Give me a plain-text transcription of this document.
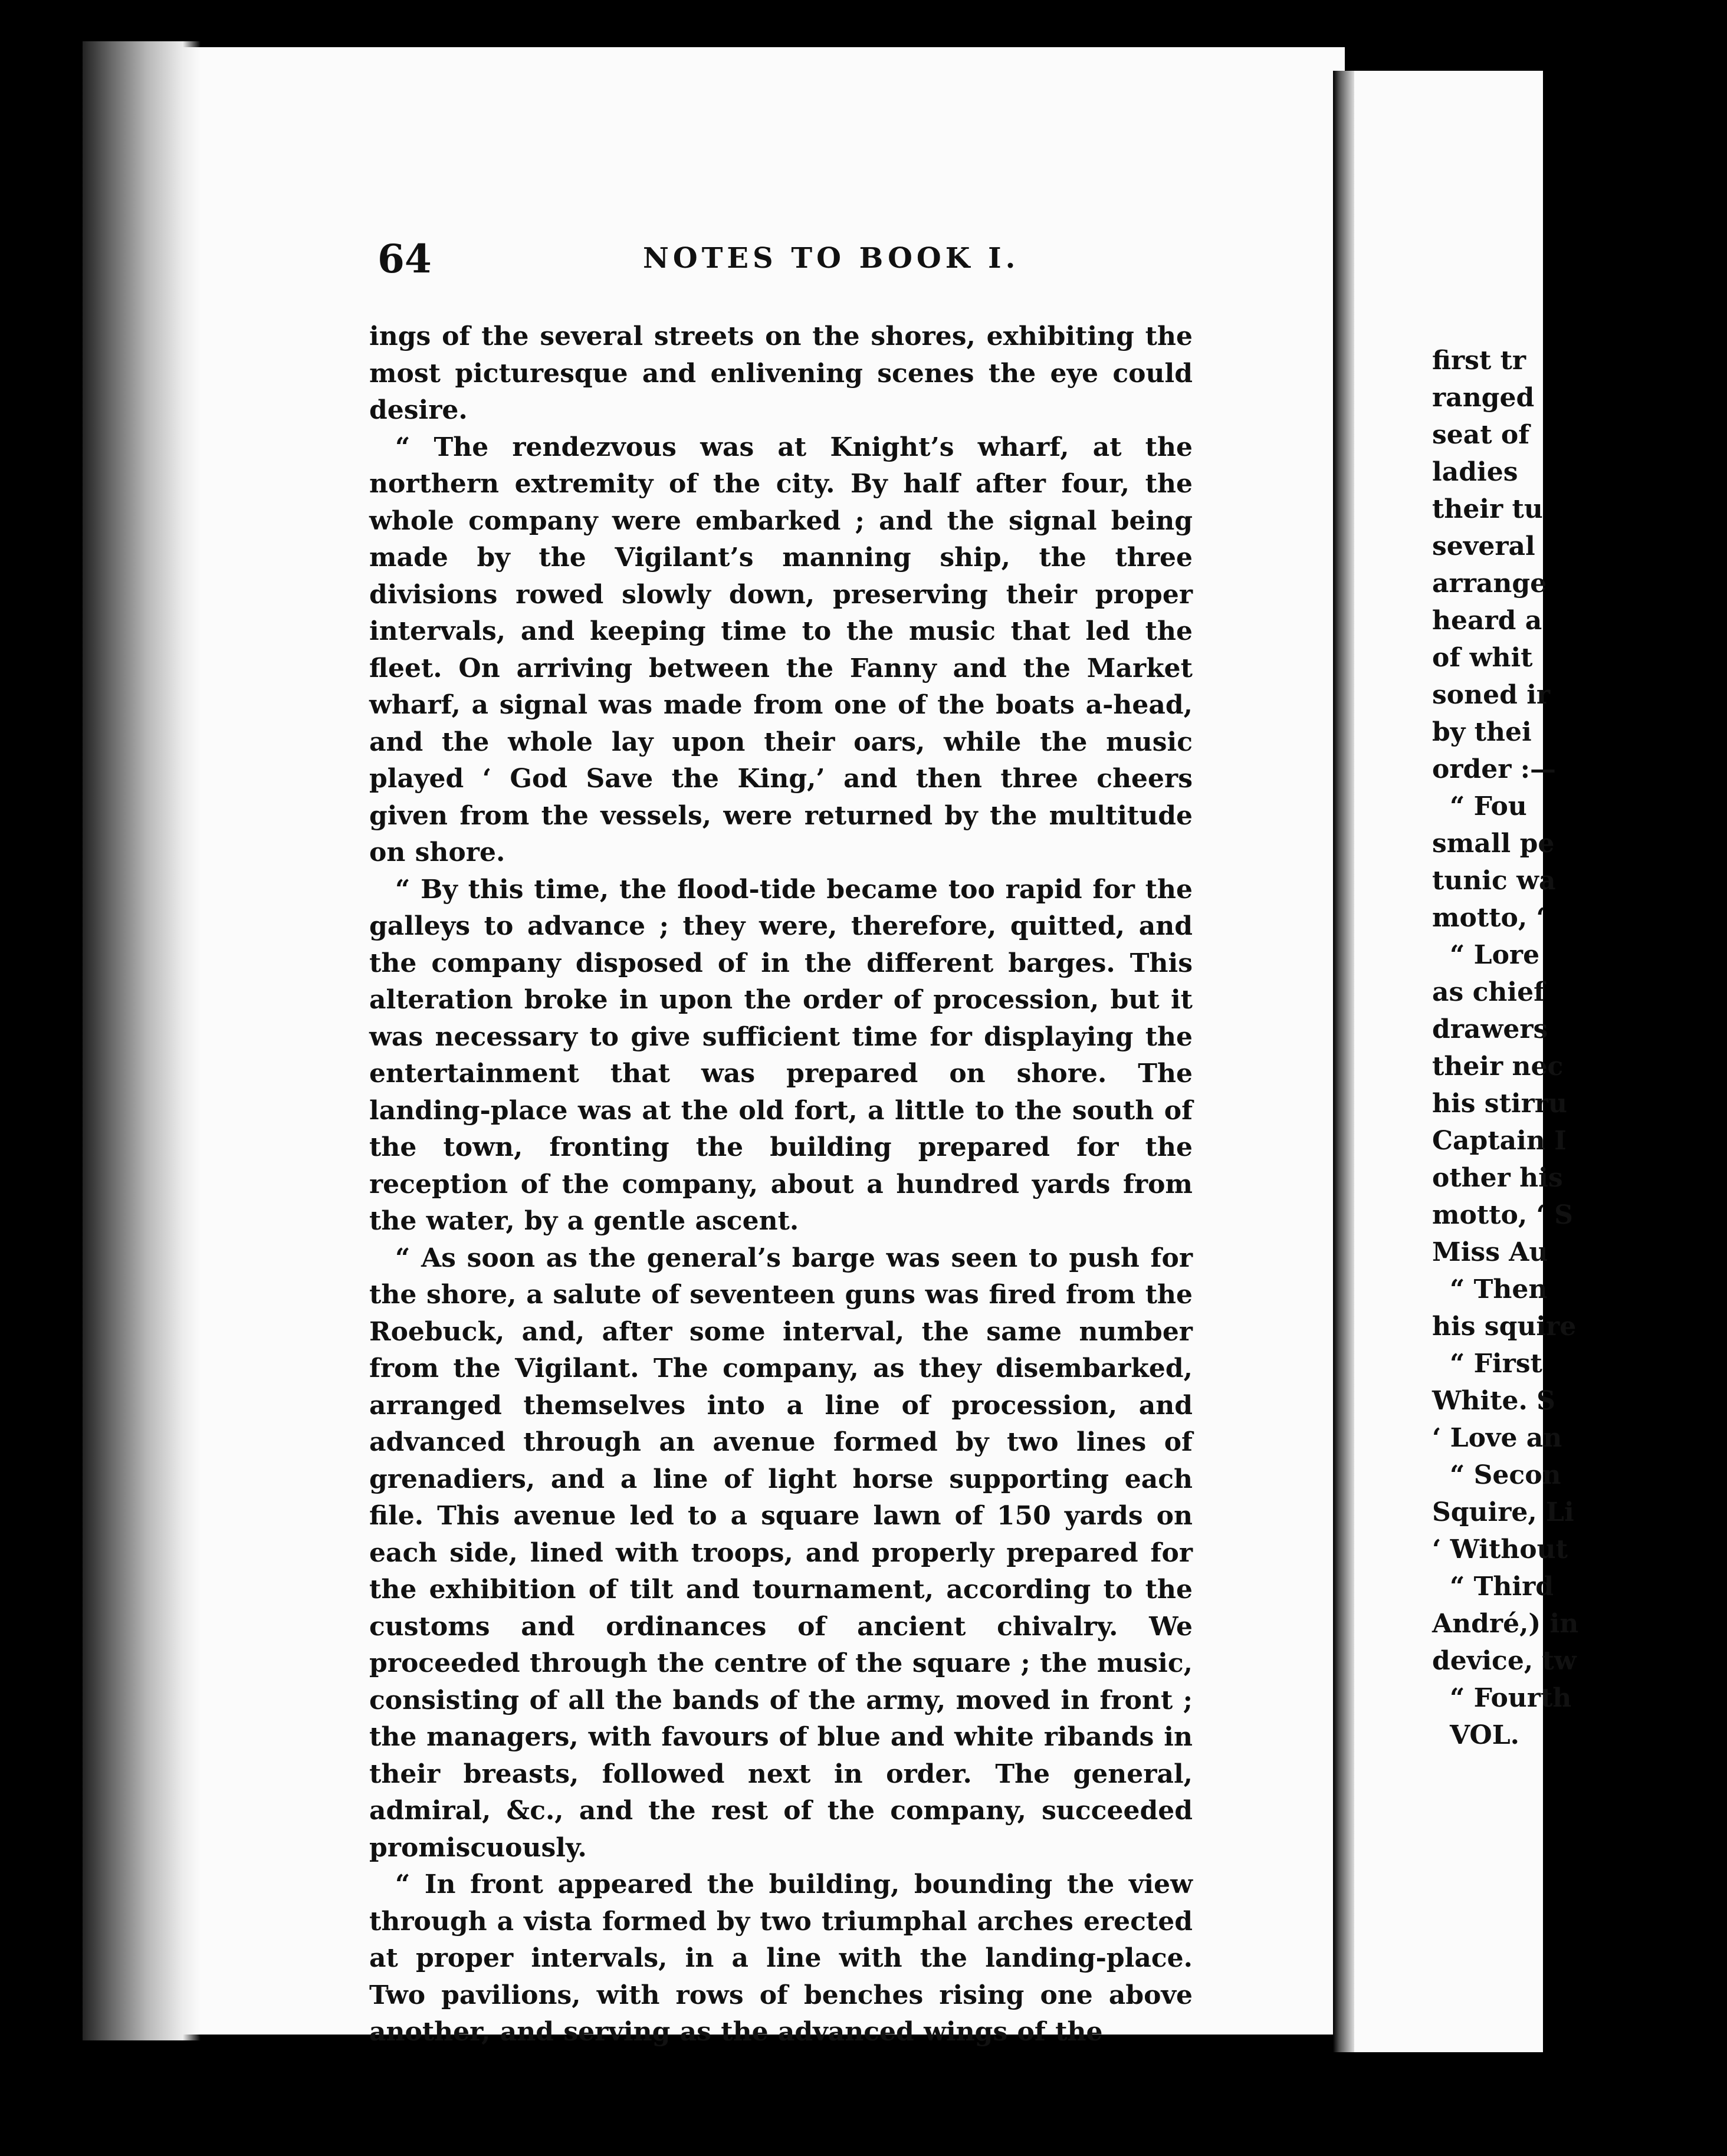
64	NOTES TO BOOK I.

ings of the several streets on the shores, exhibiting the most picturesque and enlivening scenes the eye could desire.

“ The rendezvous was at Knight’s wharf, at the northern extremity of the city. By half after four, the whole company were embarked ; and the signal being made by the Vigilant’s manning ship, the three divisions rowed slowly down, preserving their proper intervals, and keeping time to the music that led the fleet. On arriving between the Fanny and the Market wharf, a signal was made from one of the boats a-head, and the whole lay upon their oars, while the music played ‘ God Save the King,’ and then three cheers given from the vessels, were returned by the multitude on shore.

“ By this time, the flood-tide became too rapid for the galleys to advance ; they were, therefore, quitted, and the company disposed of in the different barges. This alteration broke in upon the order of procession, but it was necessary to give sufficient time for displaying the entertainment that was prepared on shore. The landing-place was at the old fort, a little to the south of the town, fronting the building prepared for the reception of the company, about a hundred yards from the water, by a gentle ascent.

“ As soon as the general’s barge was seen to push for the shore, a salute of seventeen guns was fired from the Roebuck, and, after some interval, the same number from the Vigilant. The company, as they disembarked, arranged themselves into a line of procession, and advanced through an avenue formed by two lines of grenadiers, and a line of light horse supporting each file. This avenue led to a square lawn of 150 yards on each side, lined with troops, and properly prepared for the exhibition of tilt and tournament, according to the customs and ordinances of ancient chivalry. We proceeded through the centre of the square ; the music, consisting of all the bands of the army, moved in front ; the managers, with favours of blue and white ribands in their breasts, followed next in order. The general, admiral, &c., and the rest of the company, succeeded promiscuously.

“ In front appeared the building, bounding the view through a vista formed by two triumphal arches erected at proper intervals, in a line with the landing-place. Two pavilions, with rows of benches rising one above another, and serving as the advanced wings of the

first tr
ranged
seat of
ladies
their tu
several
arrange
heard a
of whit
soned ir
by thei
order :—
“ Fou
small pe
tunic wa
motto, ‘
“ Lore
as chief
drawers
their nec
his stirru
Captain I
other his
motto, ‘ S
Miss Au
“ Then
his squire
“ First
White. S
‘ Love an
“ Secon
Squire, Li
‘ Without
“ Third
André,) in
device, tw
“ Fourth
VOL.
